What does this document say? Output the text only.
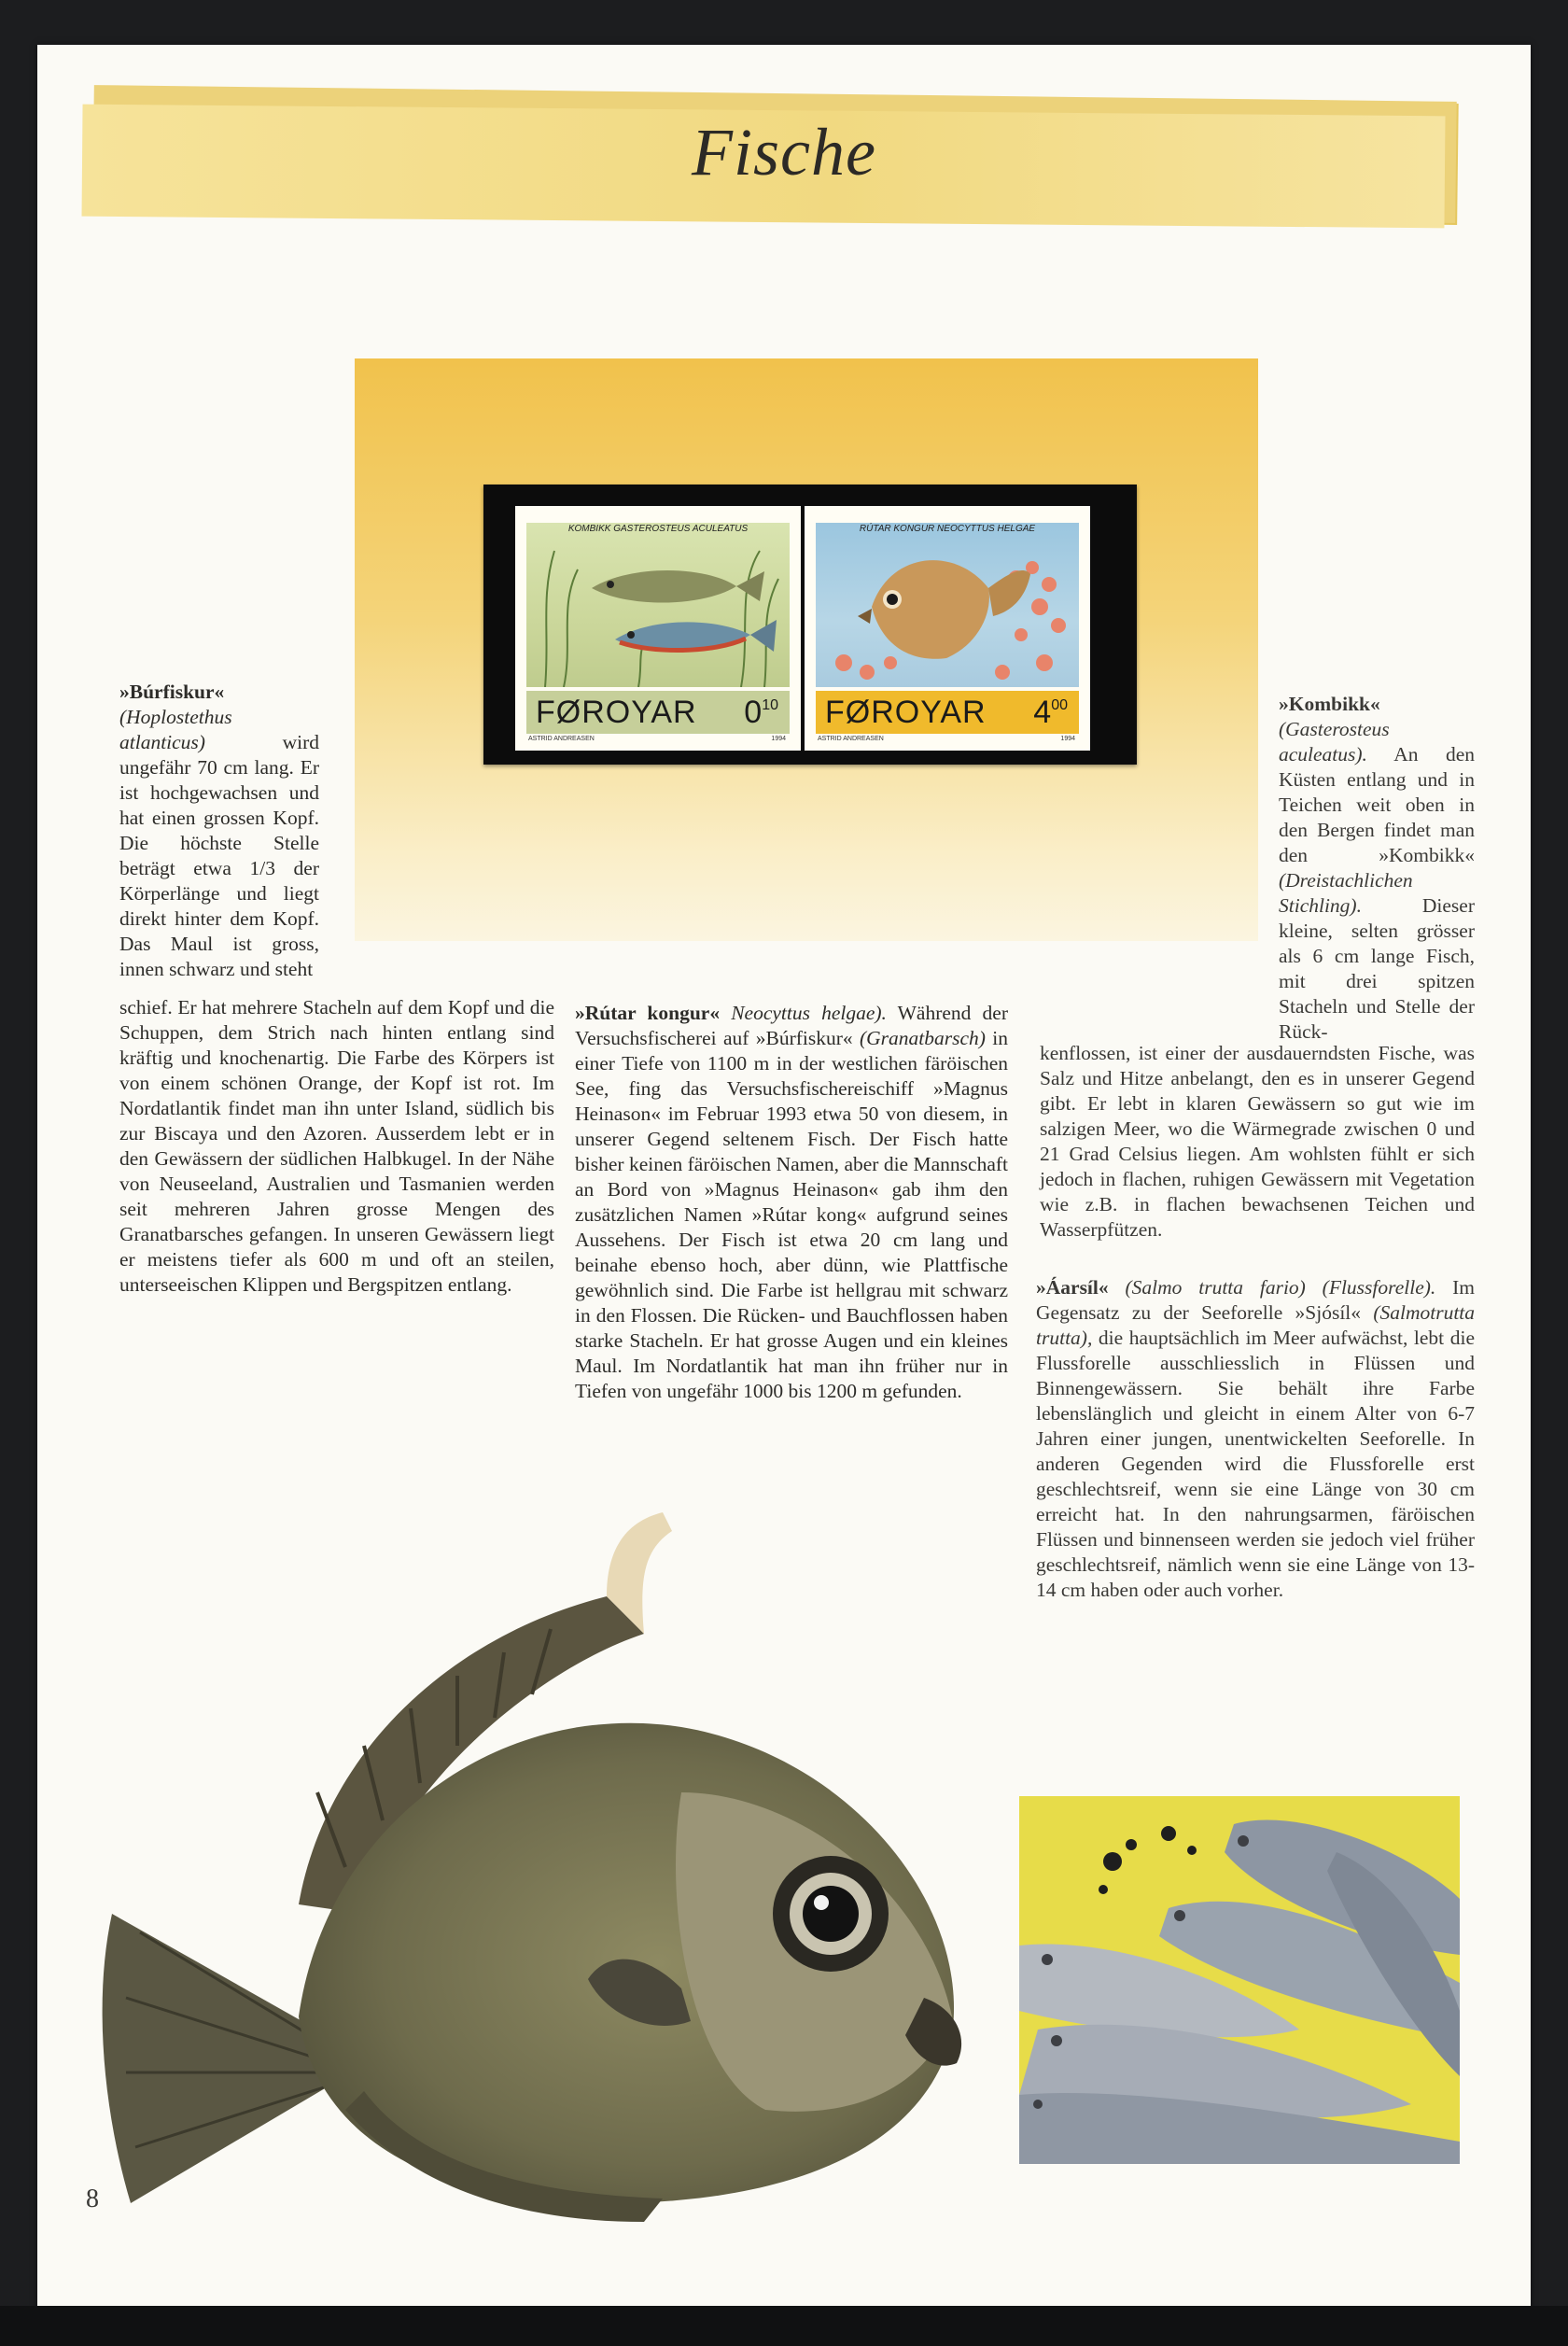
Fische
KOMBIKK GASTEROSTEUS ACULEATUS
FØROYAR $0^{10}$
ASTRID ANDREASEN	1994
RÚTAR KONGUR NEOCYTTUS HELGAE
FØROYAR $4^{00}$
ASTRID ANDREASEN	1994

»Búrfiskur« (Hoplostethus atlanticus)	wird ungefähr 70 cm lang. Er ist hochgewachsen und hat einen grossen Kopf. Die höchste Stelle beträgt etwa 1/3 der Körperlänge und liegt direkt hinter dem Kopf. Das Maul ist gross, innen schwarz und steht

schief. Er hat mehrere Stacheln auf dem Kopf und die Schuppen, dem Strich nach hinten entlang sind kräftig und knochenartig. Die Farbe des Körpers ist von einem schönen Orange, der Kopf ist rot. Im Nordatlantik findet man ihn unter Island, südlich bis zur Biscaya und den Azoren. Ausserdem lebt er in den Gewässern der südlichen Halbkugel. In der Nähe von Neuseeland, Australien und Tasmanien werden seit mehreren Jahren grosse Mengen des Granatbarsches gefangen. In unseren Gewässern liegt er meistens tiefer als 600 m und oft an steilen, unterseeischen Klippen und Bergspitzen entlang.

»Rútar kongur« Neocyttus helgae). Während der Versuchsfischerei auf »Búrfiskur« (Granatbarsch) in einer Tiefe von 1100 m in der westlichen färöischen See, fing das Versuchsfischereischiff »Magnus Heinason« im Februar 1993 etwa 50 von diesem, in unserer Gegend seltenem Fisch. Der Fisch hatte bisher keinen färöischen Namen, aber die Mannschaft an Bord von »Magnus Heinason« gab ihm den zusätzlichen Namen »Rútar kong« aufgrund seines Aussehens. Der Fisch ist etwa 20 cm lang und beinahe ebenso hoch, aber dünn, wie Plattfische gewöhnlich sind. Die Farbe ist hellgrau mit schwarz in den Flossen. Die Rücken- und Bauchflossen haben starke Stacheln. Er hat grosse Augen und ein kleines Maul. Im Nordatlantik hat man ihn früher nur in Tiefen von ungefähr 1000 bis 1200 m gefunden.

»Kombikk« (Gasterosteus aculeatus). An den Küsten entlang und in Teichen weit oben in den Bergen findet man den »Kombikk« (Dreistachlichen Stichling).	Dieser kleine, selten grösser als 6 cm lange Fisch, mit drei spitzen Stacheln und Stelle der Rück-

kenflossen, ist einer der ausdauerndsten Fische, was Salz und Hitze anbelangt, den es in unserer Gegend gibt. Er lebt in klaren Gewässern so gut wie im salzigen Meer, wo die Wärmegrade zwischen 0 und 21 Grad Celsius liegen. Am wohlsten fühlt er sich jedoch in flachen, ruhigen Gewässern mit Vegetation wie z.B. in flachen bewachsenen Teichen und Wasserpfützen.

»Áarsíl« (Salmo trutta fario) (Flussforelle). Im Gegensatz zu der Seeforelle »Sjósíl« (Salmotrutta trutta), die hauptsächlich im Meer aufwächst, lebt die Flussforelle ausschliesslich in Flüssen und Binnengewässern. Sie behält ihre Farbe lebenslänglich und gleicht in einem Alter von 6-7 Jahren einer jungen, unentwickelten Seeforelle. In anderen Gegenden wird die Flussforelle erst geschlechtsreif, wenn sie eine Länge von 30 cm erreicht hat. In den nahrungsarmen, färöischen Flüssen und binnenseen werden sie jedoch viel früher geschlechtsreif, nämlich wenn sie eine Länge von 13-14 cm haben oder auch vorher.

8
